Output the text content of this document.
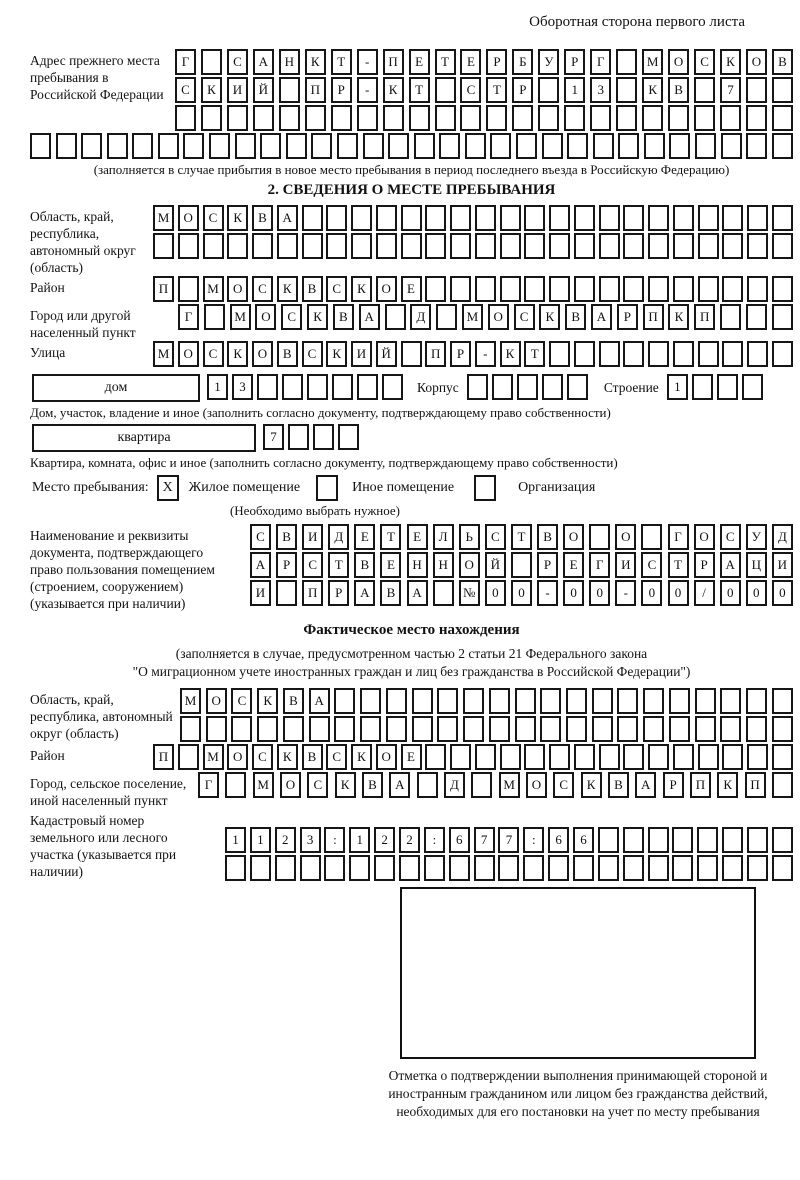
Оборотная сторона первого листа
Адрес прежнего места пребывания в Российской Федерации
Г	С	А	Н	К	Т	-	П	Е	Т	Е	Р	Б	У	Р	Г	М	О	С	К	О	В
С	К	И	Й	П	Р	-	К	Т	С	Т	Р	1	3	К	В	7
(заполняется в случае прибытия в новое место пребывания в период последнего въезда в Российскую Федерацию)
2. СВЕДЕНИЯ О МЕСТЕ ПРЕБЫВАНИЯ
Область, край, республика, автономный округ (область)
М	О	С	К	В	А
Район	П	М	О	С	К	В	С	К	О	Е
Город или другой населенный пункт
Г	М	О	С	К	В	А	Д	М	О	С	К	В	А	Р	П	К	П
Улица	М	О	С	К	О	В	С	К	И	Й	П	Р	-	К	Т
дом	1	3	Корпус	Строение	1
Дом, участок, владение и иное (заполнить согласно документу, подтверждающему право собственности)
квартира	7
Квартира, комната, офис и иное (заполнить согласно документу, подтверждающему право собственности)
Место пребывания: X	Жилое помещение	Иное помещение	Организация
(Необходимо выбрать нужное)
Наименование и реквизиты документа, подтверждающего право пользования помещением (строением, сооружением) (указывается при наличии)
С	В	И	Д	Е	Т	Е	Л	Ь	С	Т	В	О	О	Г	О	С	У	Д
А	Р	С	Т	В	Е	Н	Н	О	Й	Р	Е	Г	И	С	Т	Р	А	Ц	И
И	П	Р	А	В	А	№	0	0	-	0	0	-	0	0	/	0	0	0
Фактическое место нахождения
(заполняется в случае, предусмотренном частью 2 статьи 21 Федерального закона
"О миграционном учете иностранных граждан и лиц без гражданства в Российской Федерации")
Область, край, республика, автономный округ (область)
М	О	С	К	В	А
Район	П	М	О	С	К	В	С	К	О	Е
Город, сельское поселение, иной населенный пункт
Г	М	О	С	К	В	А	Д	М	О	С	К	В	А	Р	П	К	П
Кадастровый номер земельного или лесного участка (указывается при наличии)
1	1	2	3	:	1	2	2	:	6	7	7	:	6	6
Отметка о подтверждении выполнения принимающей стороной и иностранным гражданином или лицом без гражданства действий, необходимых для его постановки на учет по месту пребывания
